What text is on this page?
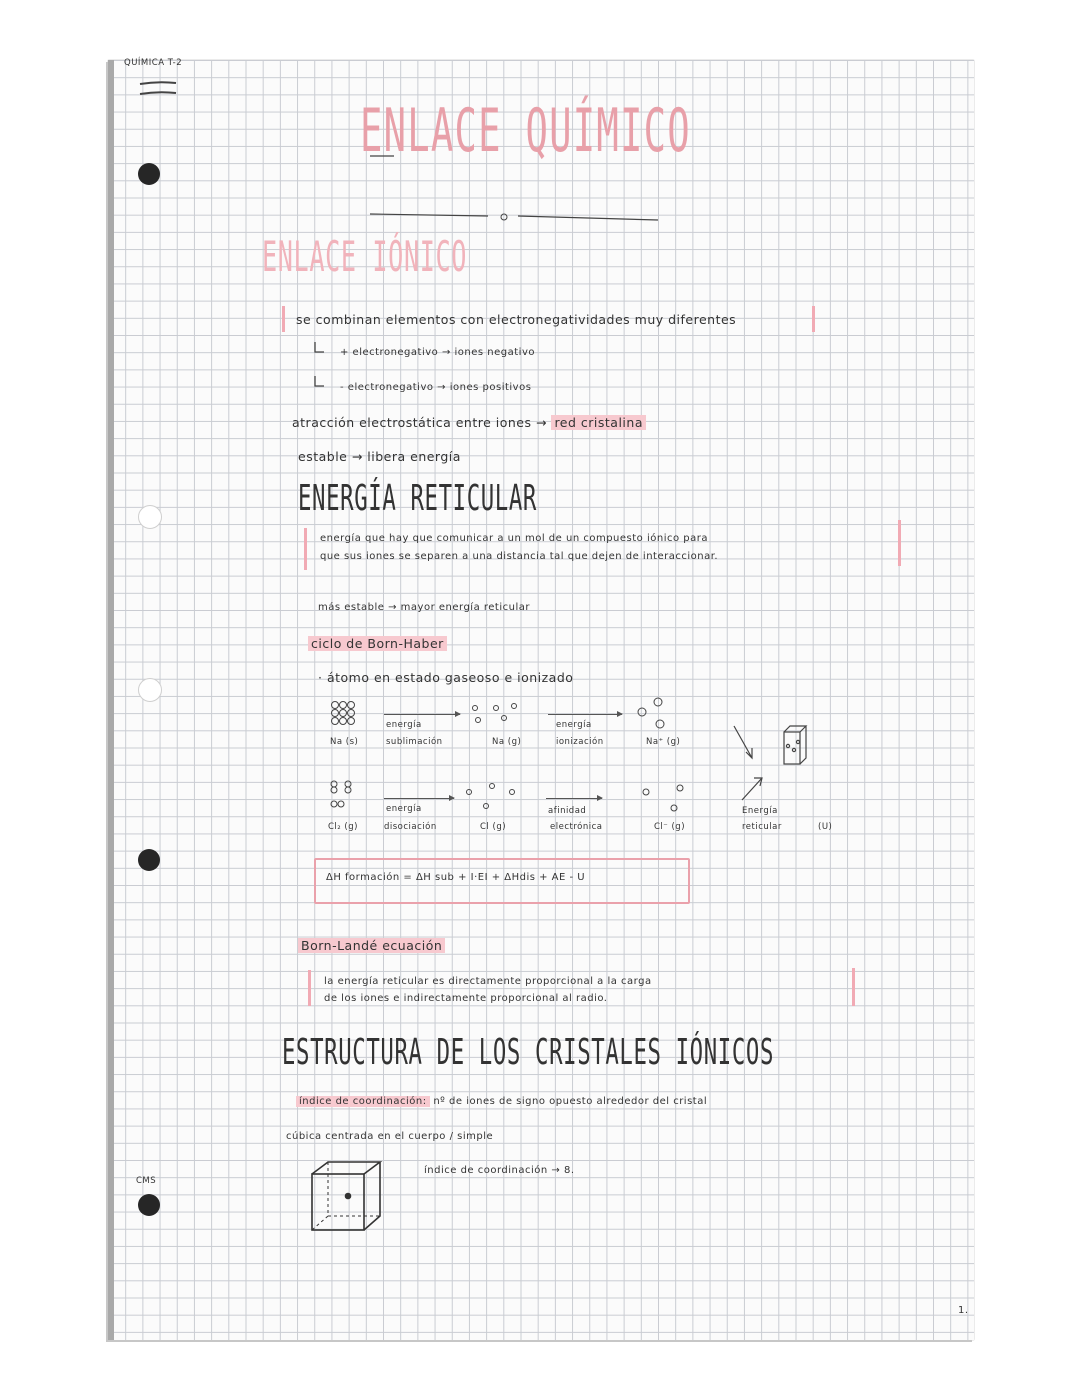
QUÍMICA T-2
CMS
1.
ENLACE QUÍMICO
ENLACE IÓNICO
se combinan elementos con electronegatividades muy diferentes
+ electronegativo → iones negativo
- electronegativo → iones positivos
atracción electrostática entre iones → red cristalina
estable → libera energía
ENERGÍA RETICULAR
energía que hay que comunicar a un mol de un compuesto iónico para
que sus iones se separen a una distancia tal que dejen de interaccionar.
más estable → mayor energía reticular
ciclo de Born-Haber
· átomo en estado gaseoso e ionizado
Na (s)
energía
sublimación	Na (g)
energía
ionización	Na⁺ (g)
Cl₂ (g)
energía
disociación	Cl (g)
afinidad
electrónica	Cl⁻ (g)
Energía
reticular	(U)
ΔH formación = ΔH sub + I·EI + ΔHdis + AE - U
Born-Landé ecuación
la energía reticular es directamente proporcional a la carga
de los iones e indirectamente proporcional al radio.
ESTRUCTURA DE LOS CRISTALES IÓNICOS
índice de coordinación: nº de iones de signo opuesto alrededor del cristal
cúbica centrada en el cuerpo / simple
índice de coordinación → 8.
